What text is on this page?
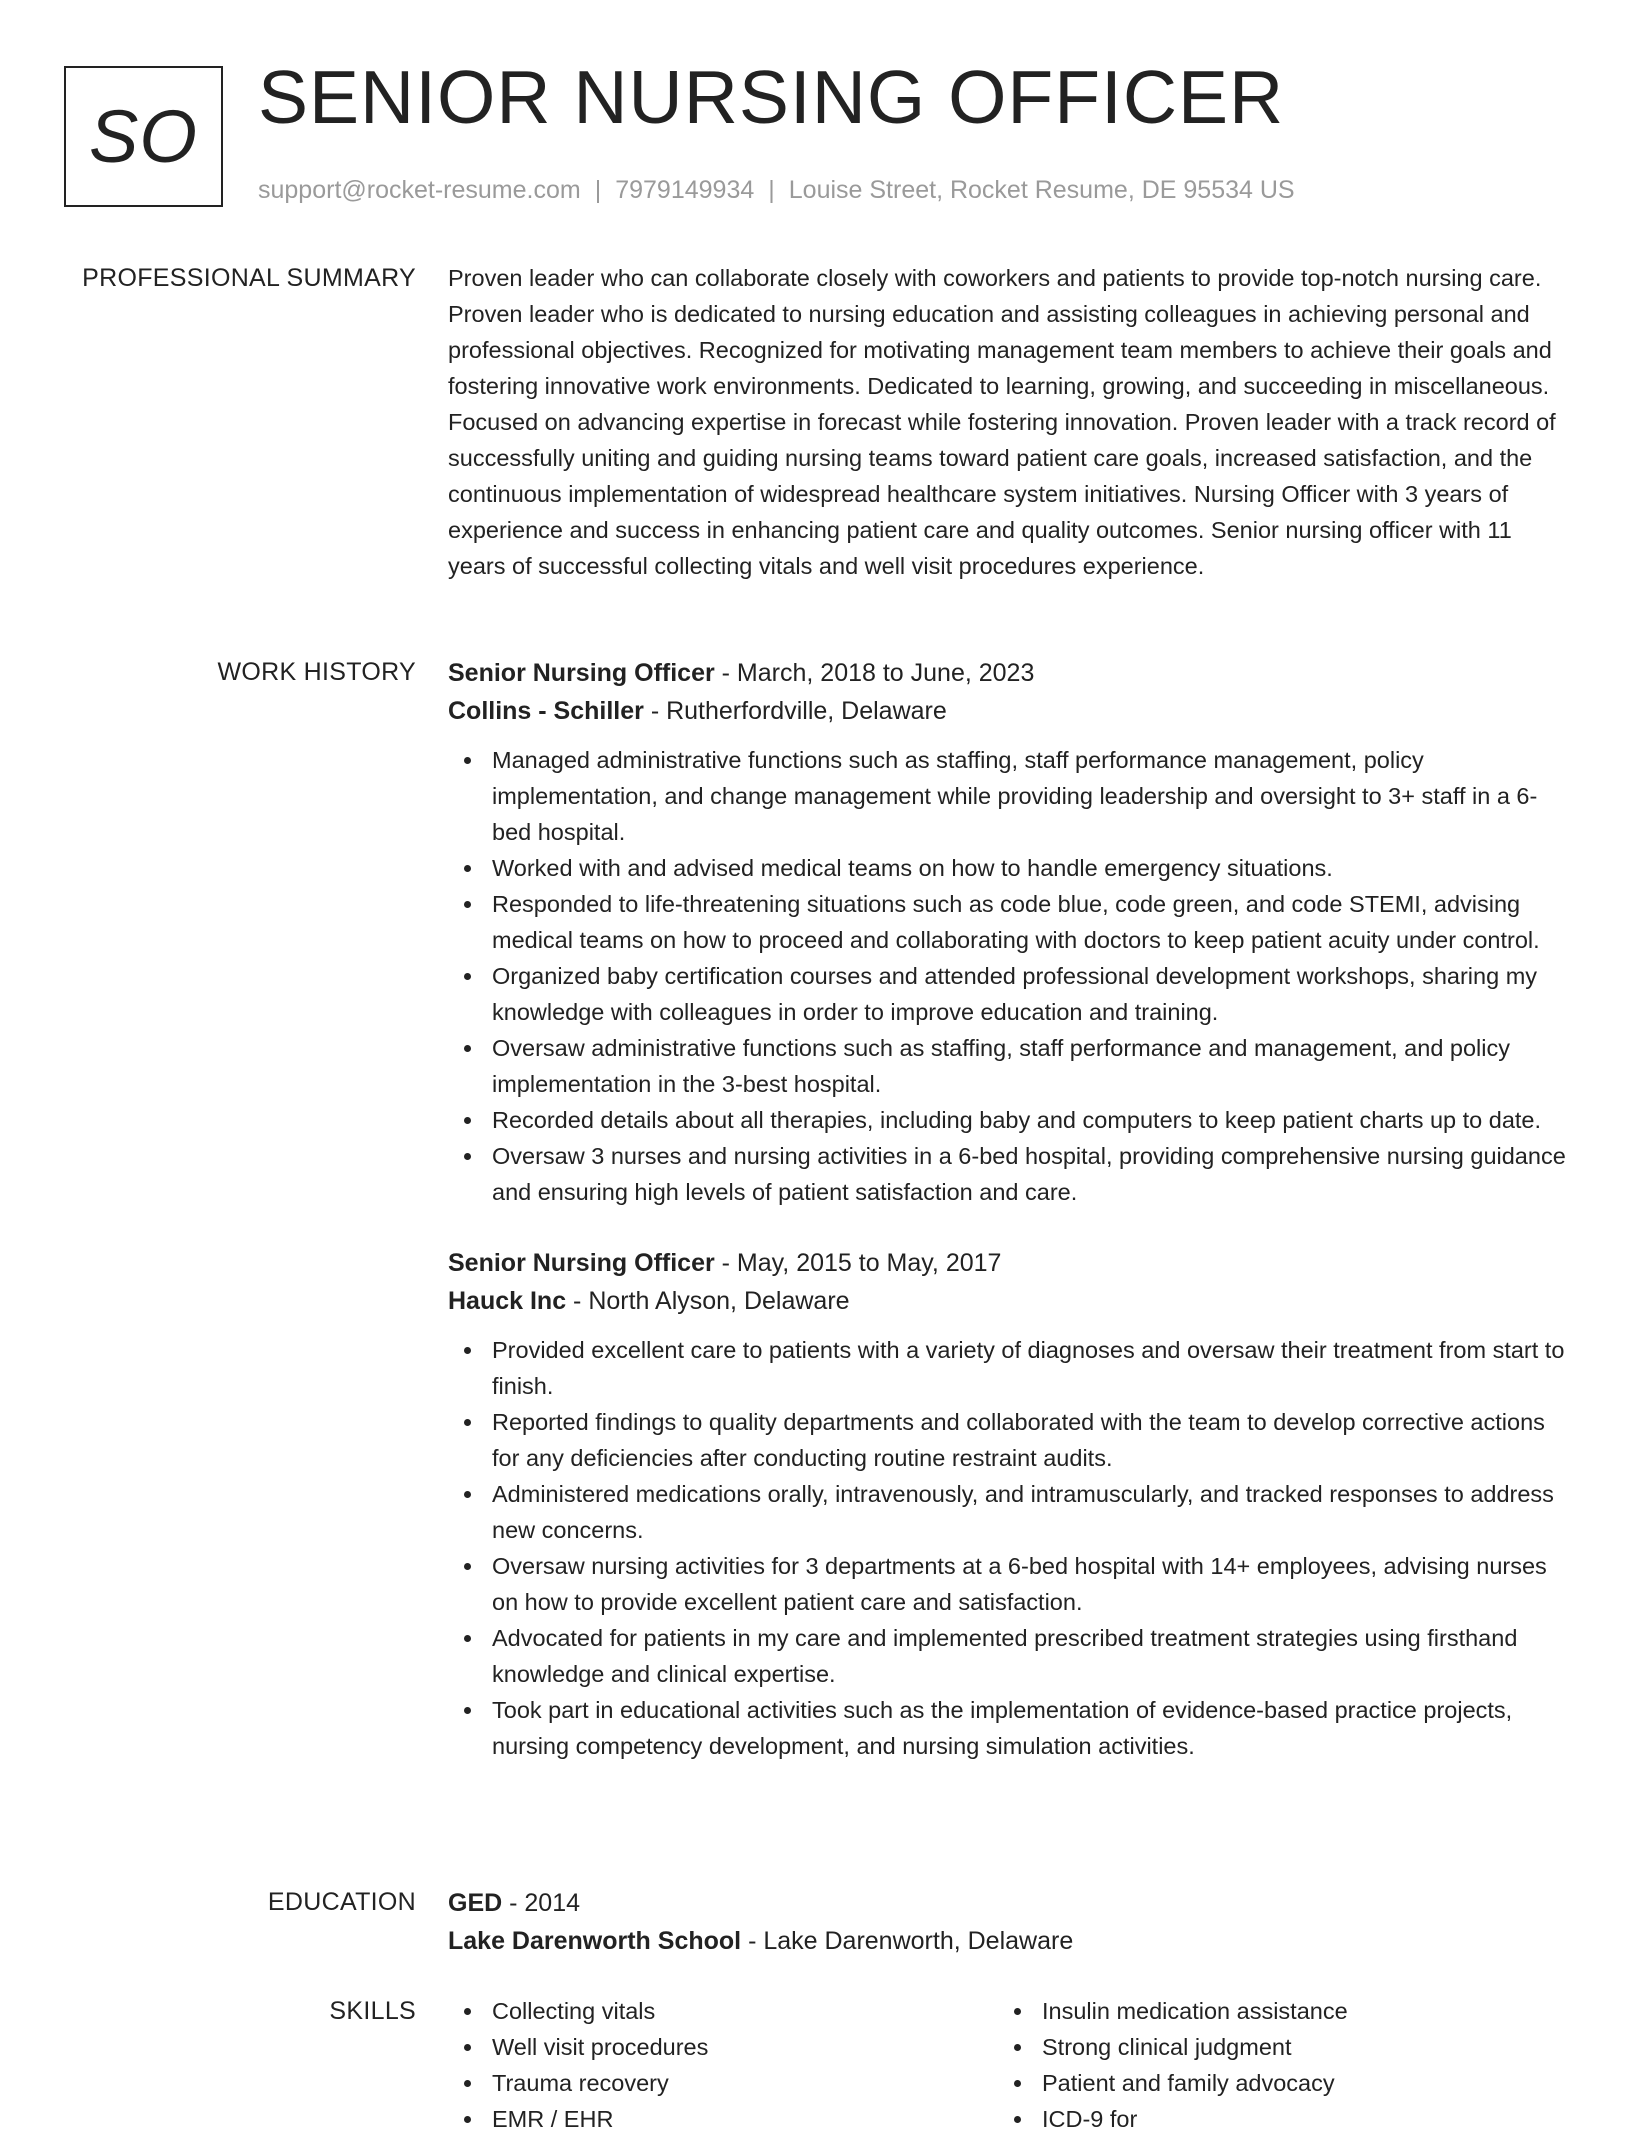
SO SENIOR NURSING OFFICER
support@rocket-resume.com | 7979149934 | Louise Street, Rocket Resume, DE 95534 US
PROFESSIONAL SUMMARY Proven leader who can collaborate closely with coworkers and patients to provide top-notch nursing care. Proven leader who is dedicated to nursing education and assisting colleagues in achieving personal and professional objectives. Recognized for motivating management team members to achieve their goals and fostering innovative work environments. Dedicated to learning, growing, and succeeding in miscellaneous. Focused on advancing expertise in forecast while fostering innovation. Proven leader with a track record of successfully uniting and guiding nursing teams toward patient care goals, increased satisfaction, and the continuous implementation of widespread healthcare system initiatives. Nursing Officer with 3 years of experience and success in enhancing patient care and quality outcomes. Senior nursing officer with 11 years of successful collecting vitals and well visit procedures experience.

WORK HISTORY Senior Nursing Officer - March, 2018 to June, 2023
Collins - Schiller - Rutherfordville, Delaware
Managed administrative functions such as staffing, staff performance management, policy implementation, and change management while providing leadership and oversight to 3+ staff in a 6-bed hospital.
Worked with and advised medical teams on how to handle emergency situations.
Responded to life-threatening situations such as code blue, code green, and code STEMI, advising medical teams on how to proceed and collaborating with doctors to keep patient acuity under control.
Organized baby certification courses and attended professional development workshops, sharing my knowledge with colleagues in order to improve education and training.
Oversaw administrative functions such as staffing, staff performance and management, and policy implementation in the 3-best hospital.
Recorded details about all therapies, including baby and computers to keep patient charts up to date.
Oversaw 3 nurses and nursing activities in a 6-bed hospital, providing comprehensive nursing guidance and ensuring high levels of patient satisfaction and care.
Senior Nursing Officer - May, 2015 to May, 2017
Hauck Inc - North Alyson, Delaware
Provided excellent care to patients with a variety of diagnoses and oversaw their treatment from start to finish.
Reported findings to quality departments and collaborated with the team to develop corrective actions for any deficiencies after conducting routine restraint audits.
Administered medications orally, intravenously, and intramuscularly, and tracked responses to address new concerns.
Oversaw nursing activities for 3 departments at a 6-bed hospital with 14+ employees, advising nurses on how to provide excellent patient care and satisfaction.
Advocated for patients in my care and implemented prescribed treatment strategies using firsthand knowledge and clinical expertise.
Took part in educational activities such as the implementation of evidence-based practice projects, nursing competency development, and nursing simulation activities.
EDUCATION GED - 2014
Lake Darenworth School - Lake Darenworth, Delaware
SKILLS	Collecting vitals
Well visit procedures
Trauma recovery
EMR / EHR
Insulin medication assistance
Strong clinical judgment
Patient and family advocacy
ICD-9 for
